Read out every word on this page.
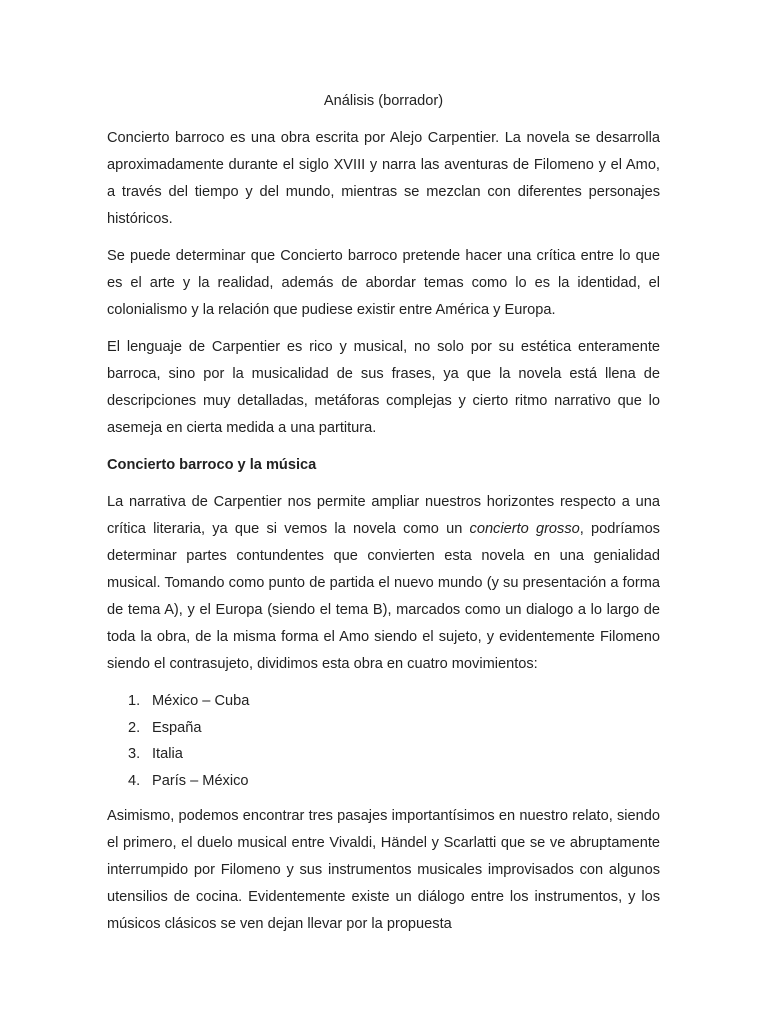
Análisis (borrador)

Concierto barroco es una obra escrita por Alejo Carpentier. La novela se desarrolla aproximadamente durante el siglo XVIII y narra las aventuras de Filomeno y el Amo, a través del tiempo y del mundo, mientras se mezclan con diferentes personajes históricos.

Se puede determinar que Concierto barroco pretende hacer una crítica entre lo que es el arte y la realidad, además de abordar temas como lo es la identidad, el colonialismo y la relación que pudiese existir entre América y Europa.

El lenguaje de Carpentier es rico y musical, no solo por su estética enteramente barroca, sino por la musicalidad de sus frases, ya que la novela está llena de descripciones muy detalladas, metáforas complejas y cierto ritmo narrativo que lo asemeja en cierta medida a una partitura.

Concierto barroco y la música

La narrativa de Carpentier nos permite ampliar nuestros horizontes respecto a una crítica literaria, ya que si vemos la novela como un concierto grosso, podríamos determinar partes contundentes que convierten esta novela en una genialidad musical. Tomando como punto de partida el nuevo mundo (y su presentación a forma de tema A), y el Europa (siendo el tema B), marcados como un dialogo a lo largo de toda la obra, de la misma forma el Amo siendo el sujeto, y evidentemente Filomeno siendo el contrasujeto, dividimos esta obra en cuatro movimientos:

1. México – Cuba
2. España
3. Italia
4. París – México

Asimismo, podemos encontrar tres pasajes importantísimos en nuestro relato, siendo el primero, el duelo musical entre Vivaldi, Händel y Scarlatti que se ve abruptamente interrumpido por Filomeno y sus instrumentos musicales improvisados con algunos utensilios de cocina. Evidentemente existe un diálogo entre los instrumentos, y los músicos clásicos se ven dejan llevar por la propuesta
